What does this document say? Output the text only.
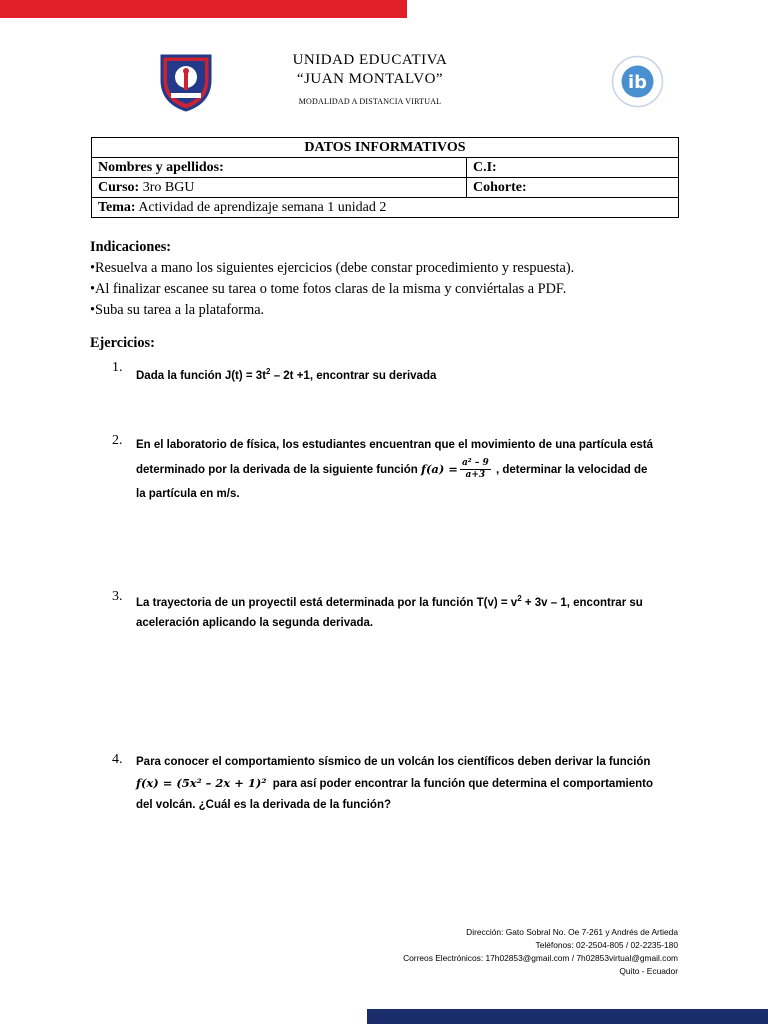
UNIDAD EDUCATIVA
“JUAN MONTALVO”
MODALIDAD A DISTANCIA VIRTUAL
ib
DATOS INFORMATIVOS	
Nombres y apellidos:	C.I:
Curso: 3ro BGU	Cohorte:
Tema: Actividad de aprendizaje semana 1 unidad 2	
Indicaciones:
•Resuelva a mano los siguientes ejercicios (debe constar procedimiento y respuesta).
•Al finalizar escanee su tarea o tome fotos claras de la misma y conviértalas a PDF.
•Suba su tarea a la plataforma.
Ejercicios:
1.
Dada la función $J(t) = 3t^2 - 2t +1$, encontrar su derivada
2. En el laboratorio de física, los estudiantes encuentran que el movimiento de una partícula está
determinado por la derivada de la siguiente función $f(a) = \frac{\text{a² – 9}}{a+3}$ , determinar la velocidad de
la partícula en m/s.
3. La trayectoria de un proyectil está determinada por la función $T(v) = v^2 + 3v - 1$, encontrar su
aceleración aplicando la segunda derivada.
4. Para conocer el comportamiento sísmico de un volcán los científicos deben derivar la función
f(x) = (5x² – 2x + 1)² para así poder encontrar la función que determina el comportamiento
del volcán. ¿Cuál es la derivada de la función?
Dirección: Gato Sobral No. Oe 7-261 y Andrés de Artieda
Teléfonos: 02-2504-805 / 02-2235-180
Correos Electrónicos: 17h02853@gmail.com / 7h02853virtual@gmail.com
Quito - Ecuador
